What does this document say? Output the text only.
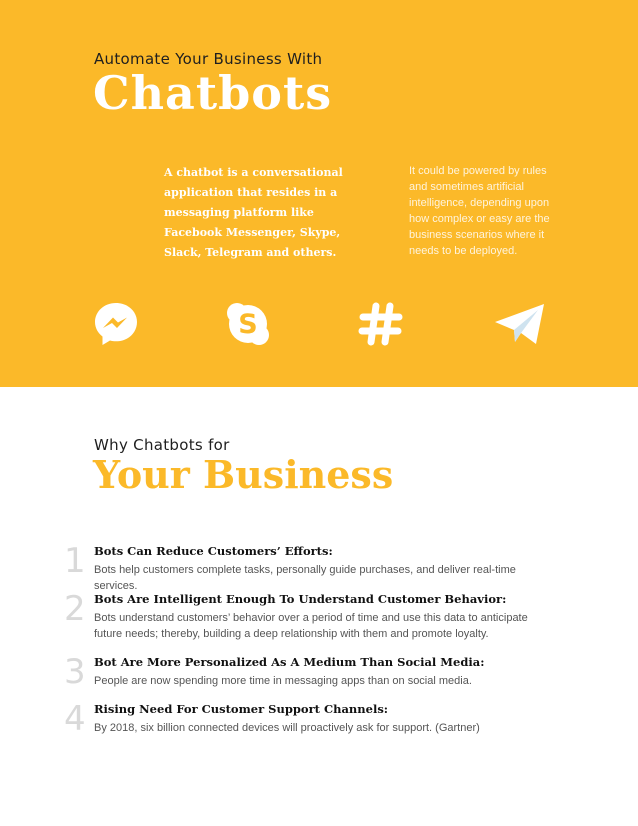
Automate Your Business With
Chatbots
A chatbot is a conversational application that resides in a messaging platform like Facebook Messenger, Skype, Slack, Telegram and others.
It could be powered by rules and sometimes artificial intelligence, depending upon how complex or easy are the business scenarios where it needs to be deployed.
S
Why Chatbots for
Your Business
1 Bots Can Reduce Customers’ Efforts:
Bots help customers complete tasks, personally guide purchases, and deliver real-time services.
2 Bots Are Intelligent Enough To Understand Customer Behavior:
Bots understand customers’ behavior over a period of time and use this data to anticipate future needs; thereby, building a deep relationship with them and promote loyalty.
3 Bot Are More Personalized As A Medium Than Social Media:
People are now spending more time in messaging apps than on social media.
4 Rising Need For Customer Support Channels:
By 2018, six billion connected devices will proactively ask for support. (Gartner)
